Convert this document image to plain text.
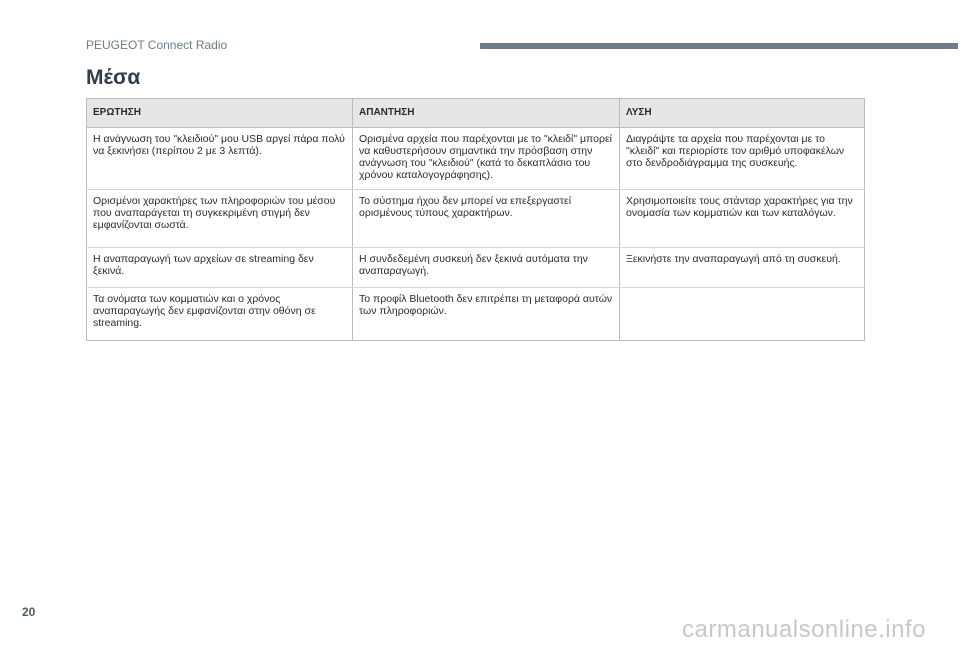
PEUGEOT Connect Radio
Μέσα
ΕΡΩΤΗΣΗ	ΑΠΑΝΤΗΣΗ	ΛΥΣΗ

Η ανάγνωση του "κλειδιού" μου USB αργεί πάρα πολύ να ξεκινήσει (περίπου 2 με 3 λεπτά).	Ορισμένα αρχεία που παρέχονται με το "κλειδί" μπορεί να καθυστερήσουν σημαντικά την πρόσβαση στην ανάγνωση του "κλειδιού" (κατά το δεκαπλάσιο του χρόνου καταλογογράφησης).	Διαγράψτε τα αρχεία που παρέχονται με το "κλειδί" και περιορίστε τον αριθμό υποφακέλων στο δενδροδιάγραμμα της συσκευής.

Ορισμένοι χαρακτήρες των πληροφοριών του μέσου που αναπαράγεται τη συγκεκριμένη στιγμή δεν εμφανίζονται σωστά.	Το σύστημα ήχου δεν μπορεί να επεξεργαστεί ορισμένους τύπους χαρακτήρων.	Χρησιμοποιείτε τους στάνταρ χαρακτήρες για την ονομασία των κομματιών και των καταλόγων.

Η αναπαραγωγή των αρχείων σε streaming δεν ξεκινά.	Η συνδεδεμένη συσκευή δεν ξεκινά αυτόματα την αναπαραγωγή.	Ξεκινήστε την αναπαραγωγή από τη συσκευή.

Τα ονόματα των κομματιών και ο χρόνος αναπαραγωγής δεν εμφανίζονται στην οθόνη σε streaming.	Το προφίλ Bluetooth δεν επιτρέπει τη μεταφορά αυτών των πληροφοριών.	

20
carmanualsonline.info
